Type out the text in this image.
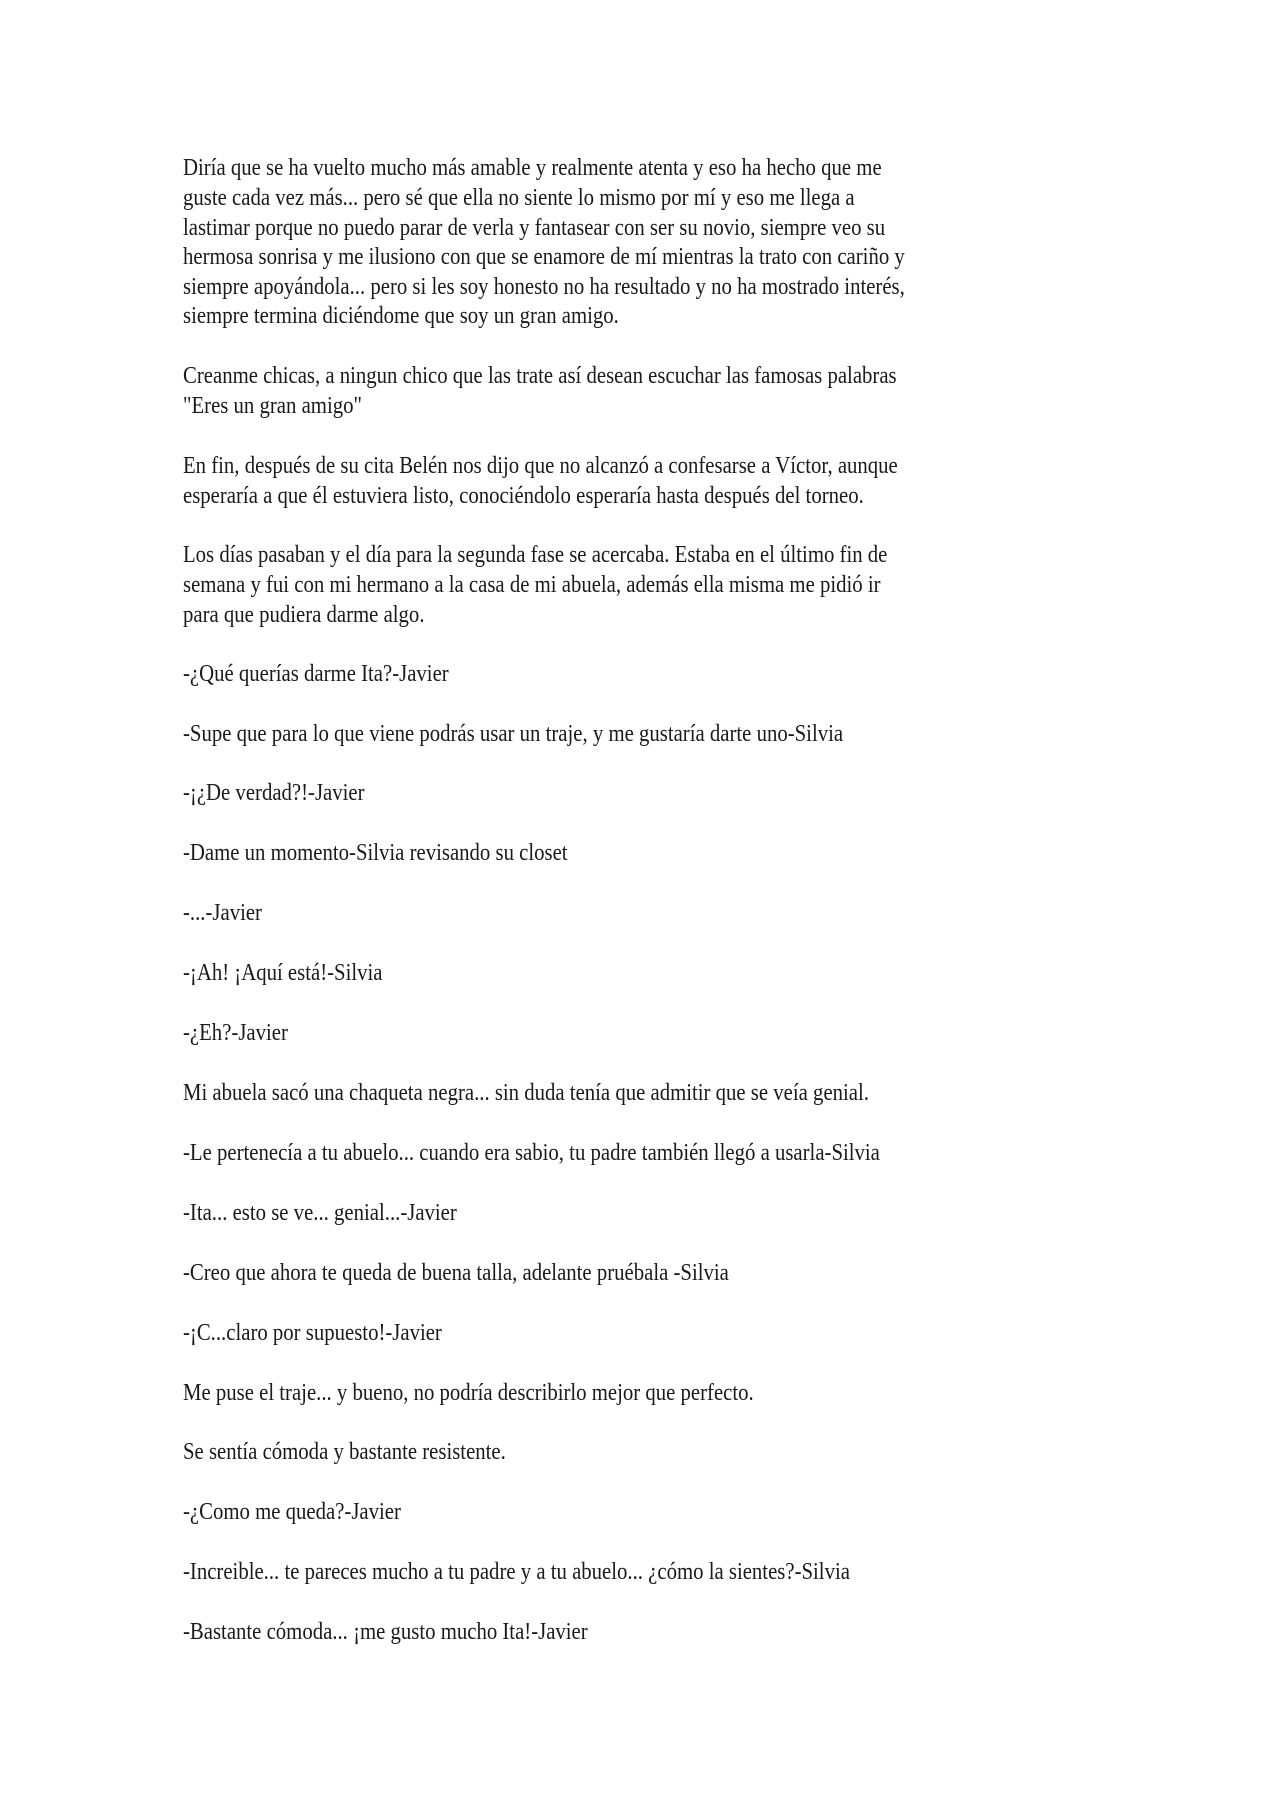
Diría que se ha vuelto mucho más amable y realmente atenta y eso ha hecho que me
guste cada vez más... pero sé que ella no siente lo mismo por mí y eso me llega a
lastimar porque no puedo parar de verla y fantasear con ser su novio, siempre veo su
hermosa sonrisa y me ilusiono con que se enamore de mí mientras la trato con cariño y
siempre apoyándola... pero si les soy honesto no ha resultado y no ha mostrado interés,
siempre termina diciéndome que soy un gran amigo.
Creanme chicas, a ningun chico que las trate así desean escuchar las famosas palabras
"Eres un gran amigo"
En fin, después de su cita Belén nos dijo que no alcanzó a confesarse a Víctor, aunque
esperaría a que él estuviera listo, conociéndolo esperaría hasta después del torneo.
Los días pasaban y el día para la segunda fase se acercaba. Estaba en el último fin de
semana y fui con mi hermano a la casa de mi abuela, además ella misma me pidió ir
para que pudiera darme algo.
-¿Qué querías darme Ita?-Javier
-Supe que para lo que viene podrás usar un traje, y me gustaría darte uno-Silvia
-¡¿De verdad?!-Javier
-Dame un momento-Silvia revisando su closet
-...-Javier
-¡Ah! ¡Aquí está!-Silvia
-¿Eh?-Javier
Mi abuela sacó una chaqueta negra... sin duda tenía que admitir que se veía genial.
-Le pertenecía a tu abuelo... cuando era sabio, tu padre también llegó a usarla-Silvia
-Ita... esto se ve... genial...-Javier
-Creo que ahora te queda de buena talla, adelante pruébala -Silvia
-¡C...claro por supuesto!-Javier
Me puse el traje... y bueno, no podría describirlo mejor que perfecto.
Se sentía cómoda y bastante resistente.
-¿Como me queda?-Javier
-Increible... te pareces mucho a tu padre y a tu abuelo... ¿cómo la sientes?-Silvia
-Bastante cómoda... ¡me gusto mucho Ita!-Javier
